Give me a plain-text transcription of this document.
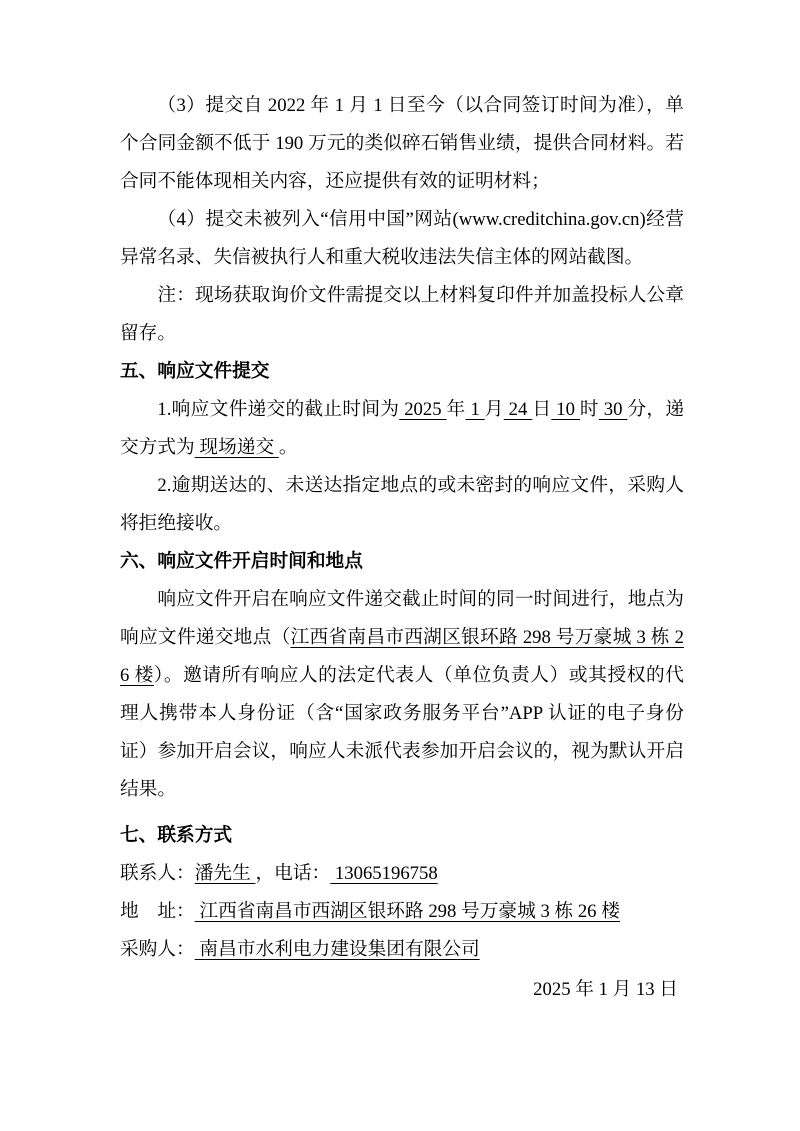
（3）提交自 2022 年 1 月 1 日至今（以合同签订时间为准），单个合同金额不低于 190 万元的类似碎石销售业绩，提供合同材料。若合同不能体现相关内容，还应提供有效的证明材料；

（4）提交未被列入“信用中国”网站(www.creditchina.gov.cn)经营异常名录、失信被执行人和重大税收违法失信主体的网站截图。

注：现场获取询价文件需提交以上材料复印件并加盖投标人公章留存。

五、响应文件提交

1.响应文件递交的截止时间为 2025 年 1 月 24 日 10 时 30 分，递交方式为 现场递交 。

2.逾期送达的、未送达指定地点的或未密封的响应文件，采购人将拒绝接收。

六、响应文件开启时间和地点

响应文件开启在响应文件递交截止时间的同一时间进行，地点为响应文件递交地点（江西省南昌市西湖区银环路 298 号万豪城 3 栋 26 楼）。邀请所有响应人的法定代表人（单位负责人）或其授权的代理人携带本人身份证（含“国家政务服务平台”APP 认证的电子身份证）参加开启会议，响应人未派代表参加开启会议的，视为默认开启结果。

七、联系方式

联系人：潘先生 ，电话： 13065196758

地　址： 江西省南昌市西湖区银环路 298 号万豪城 3 栋 26 楼

采购人： 南昌市水利电力建设集团有限公司

2025 年 1 月 13 日
